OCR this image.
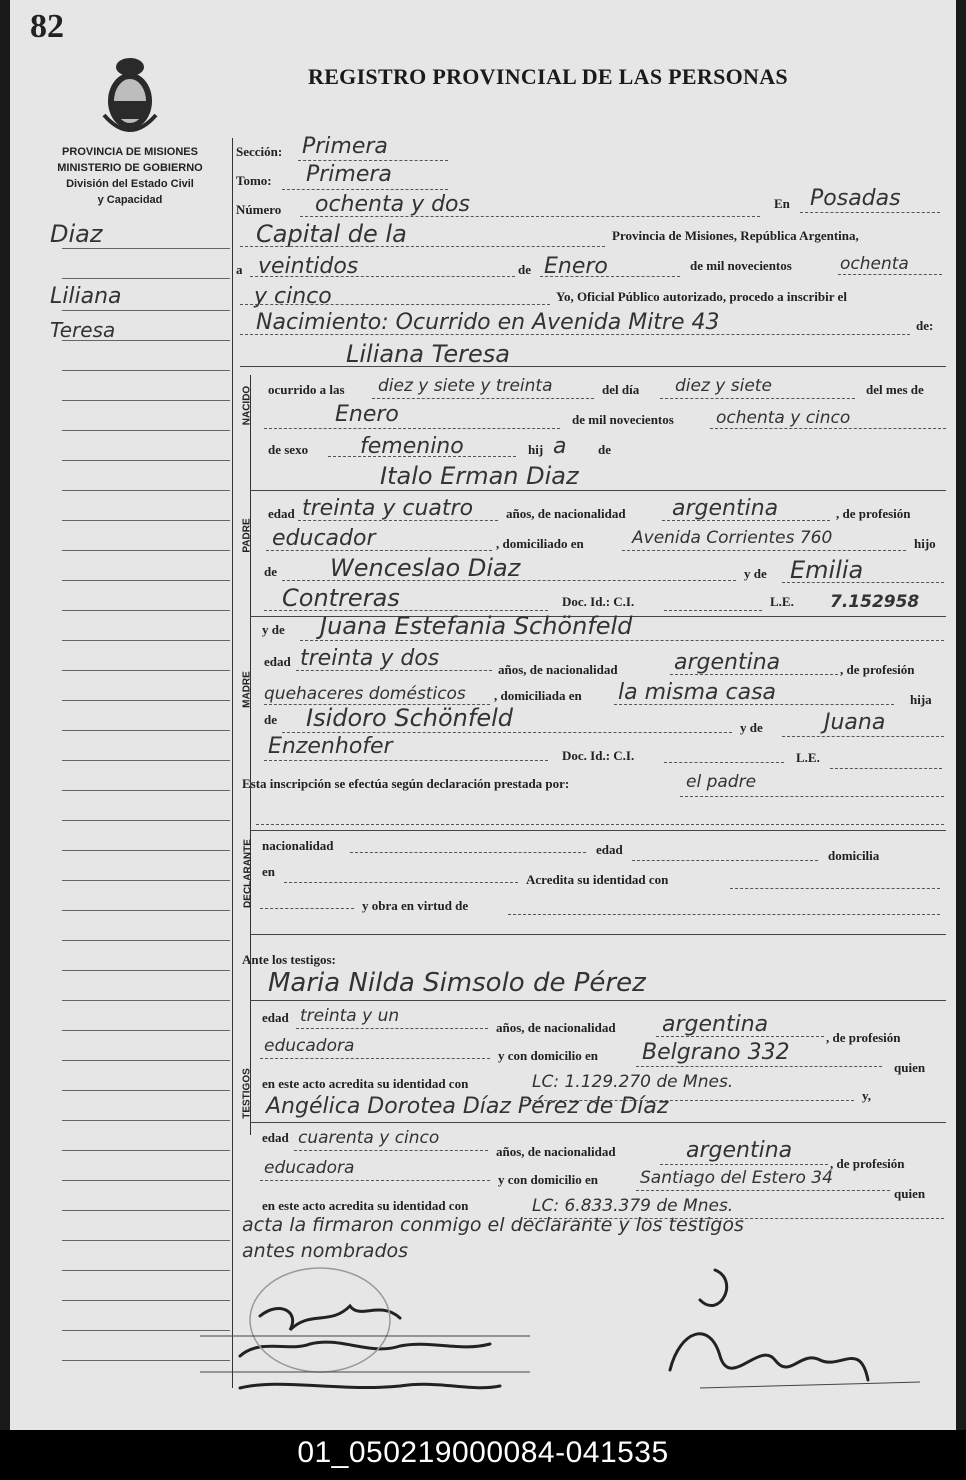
82
REGISTRO PROVINCIAL DE LAS PERSONAS
PROVINCIA DE MISIONES
MINISTERIO DE GOBIERNO
División del Estado Civil
y Capacidad
Diaz
Liliana
Teresa
Sección: Primera
Tomo: Primera
Número ochenta y dos	En Posadas
Capital de la	Provincia de Misiones, República Argentina,
a veintidos	de Enero	de mil novecientos	ochenta
y cinco	Yo, Oficial Público autorizado, procedo a inscribir el
Nacimiento: Ocurrido en Avenida Mitre 43	de:
Liliana Teresa
NACIDO ocurrido a las diez y siete y treinta	del día diez y siete	del mes de
Enero	de mil novecientos ochenta y cinco
de sexo femenino	hij a de
Italo Erman Diaz
PADRE
edad treinta y cuatro	años, de nacionalidad argentina	, de profesión
educador	, domiciliado en	Avenida Corrientes 760	hijo
de Wenceslao Diaz	y de Emilia
Contreras	Doc. Id.: C.I.	L.E. 7.152958
MADRE
y de Juana Estefania Schönfeld
edad treinta y dos	años, de nacionalidad	argentina	, de profesión
quehaceres domésticos , domiciliada en la misma casa	hija
de Isidoro Schönfeld	y de	Juana
Enzenhofer	Doc. Id.: C.I.	L.E.
Esta inscripción se efectúa según declaración prestada por:	el padre
DECLARANTE nacionalidad	edad	domicilia
en
Acredita su identidad con
y obra en virtud de
Ante los testigos:
Maria Nilda Simsolo de Pérez
TESTIGOS
edad treinta y un
años, de nacionalidad argentina
, de profesión
educadora	y con domicilio en Belgrano 332
quien
en este acto acredita su identidad con	LC: 1.129.270 de Mnes.
y,
Angélica Dorotea Díaz Pérez de Díaz
edad cuarenta y cinco
años, de nacionalidad	argentina
, de profesión
educadora
y con domicilio en Santiago del Estero 34
quien
en este acto acredita su identidad con	LC: 6.833.379 de Mnes.
acta la firmaron conmigo el declarante y los testigos
antes nombrados
01_050219000084-041535
